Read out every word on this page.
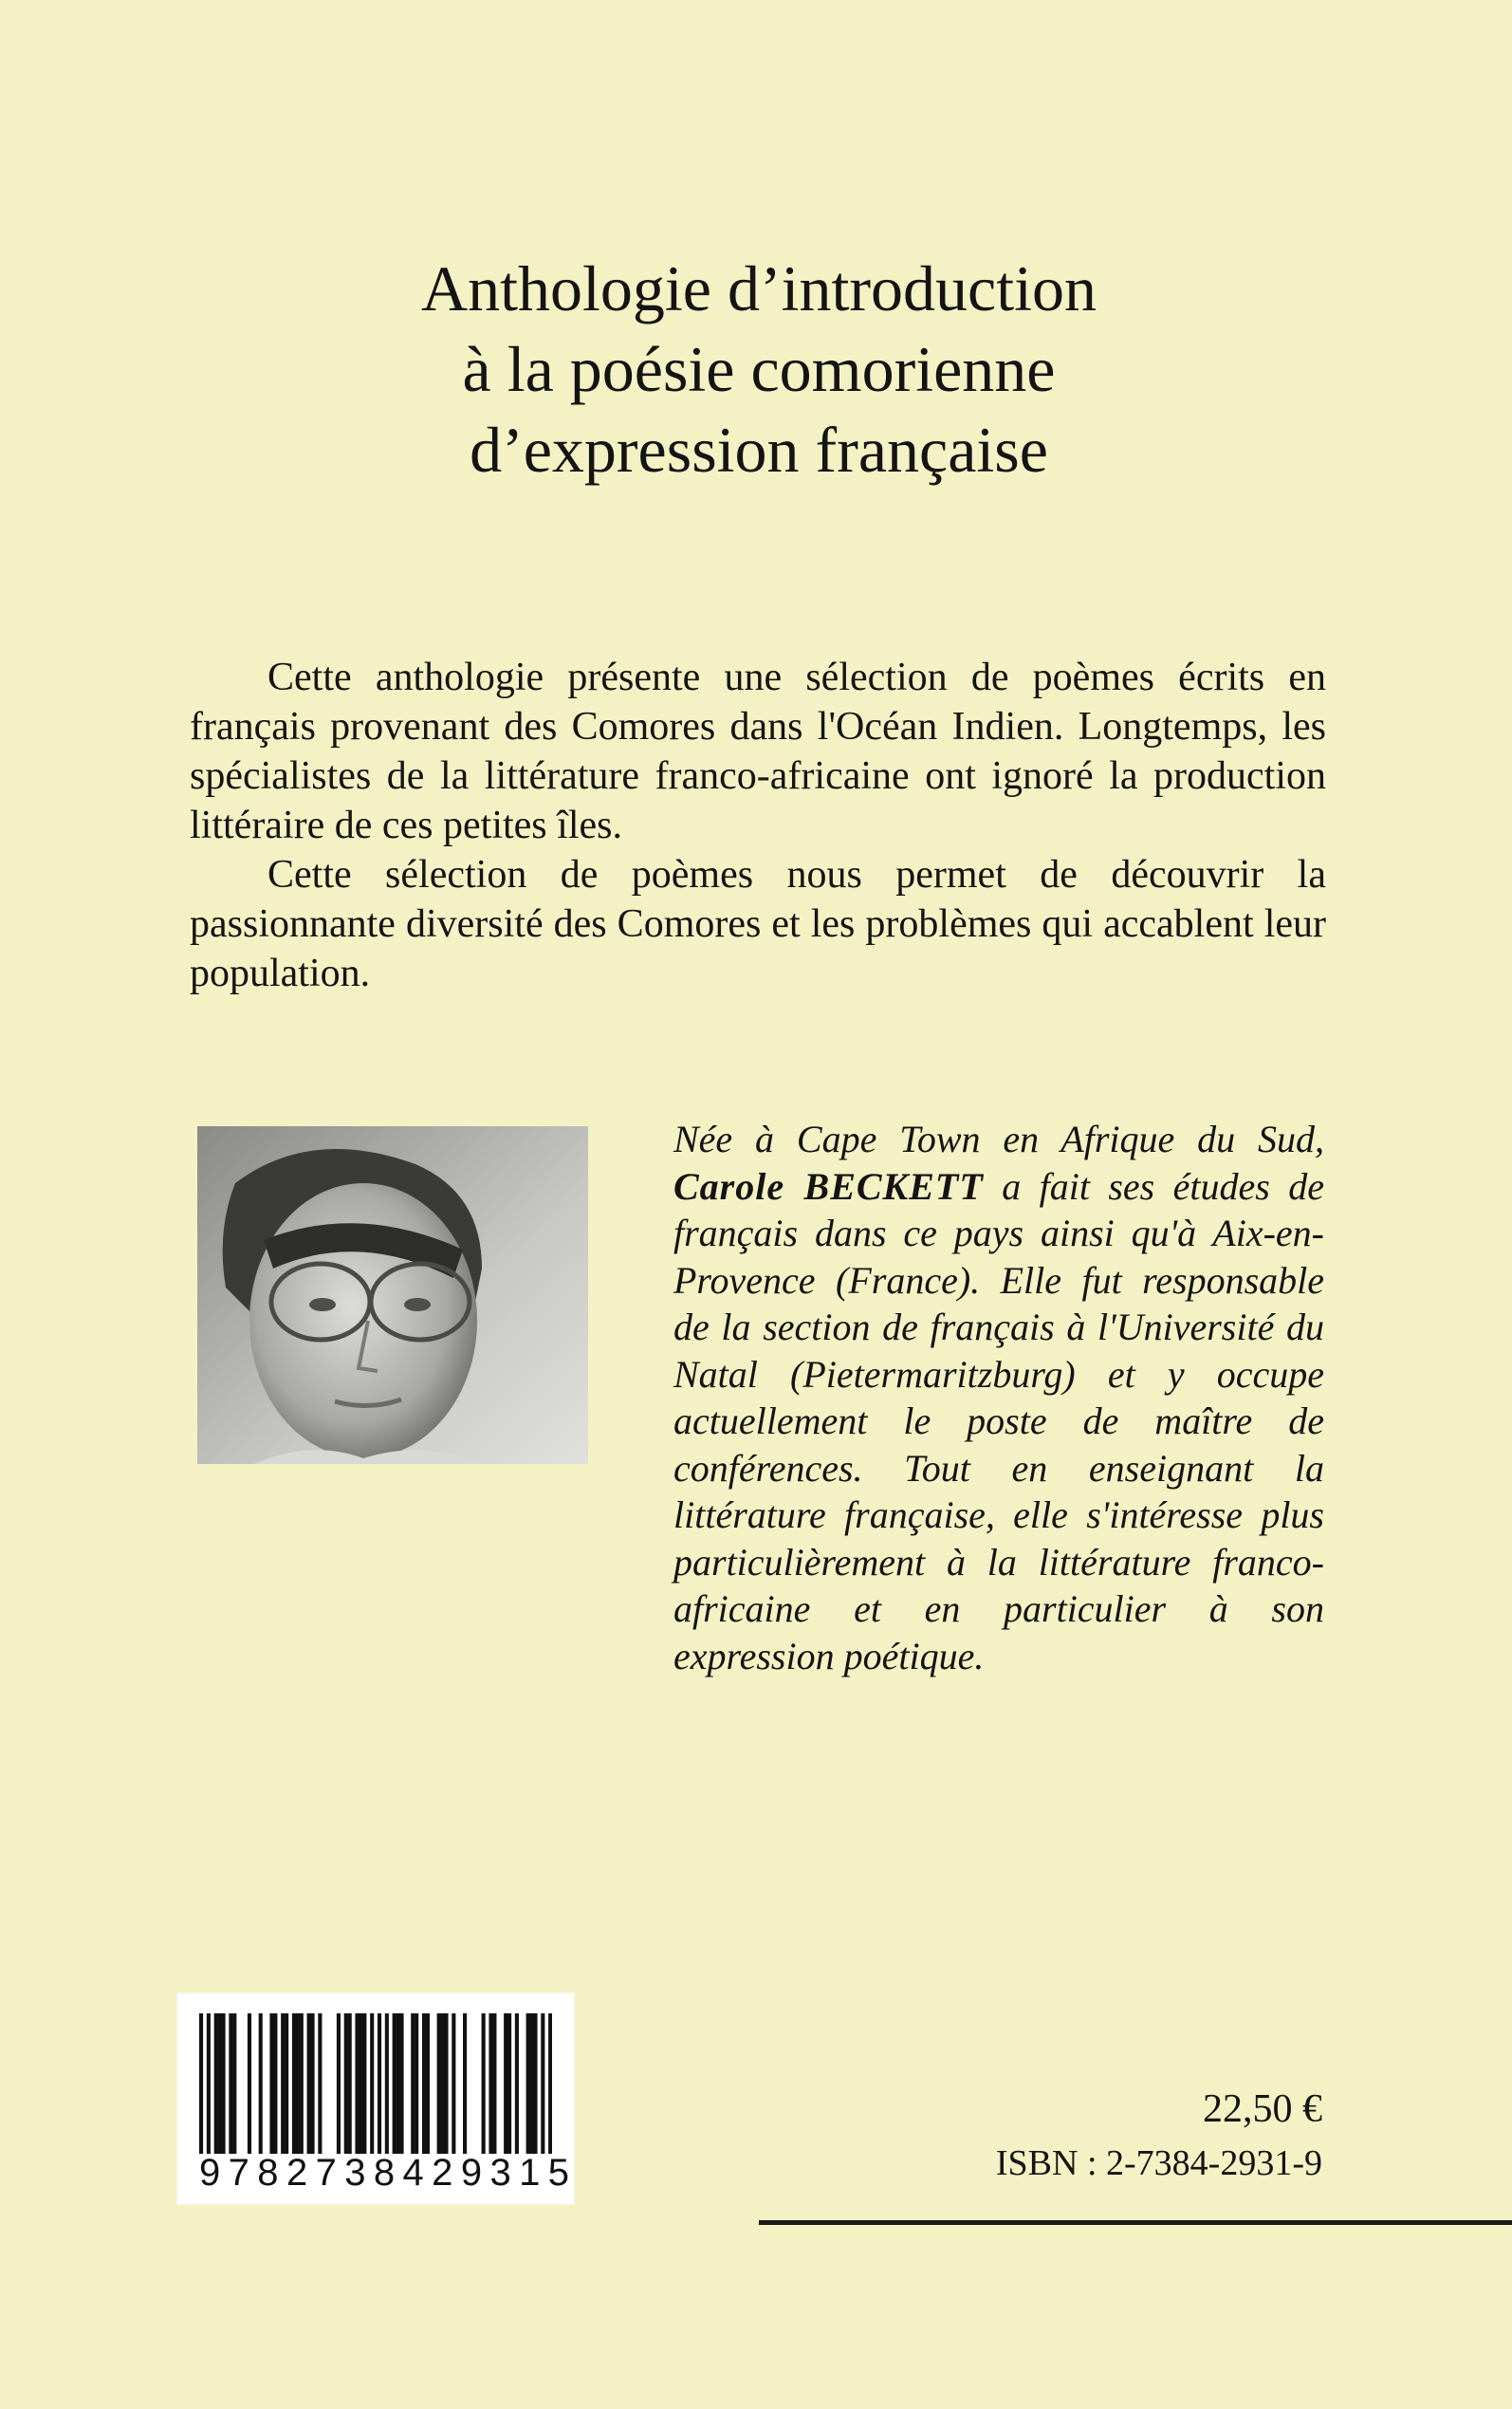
Anthologie d’introduction
à la poésie comorienne
d’expression française

Cette anthologie présente une sélection de poèmes écrits en français provenant des Comores dans l'Océan Indien. Longtemps, les spécialistes de la littérature franco-africaine ont ignoré la production littéraire de ces petites îles.

Cette sélection de poèmes nous permet de découvrir la passionnante diversité des Comores et les problèmes qui accablent leur population.

Née à Cape Town en Afrique du Sud, Carole BECKETT a fait ses études de français dans ce pays ainsi qu'à Aix-en-Provence (France). Elle fut responsable de la section de français à l'Université du Natal (Pietermaritzburg) et y occupe actuellement le poste de maître de conférences. Tout en enseignant la littérature française, elle s'intéresse plus particulièrement à la littérature franco-africaine et en particulier à son expression poétique.

9782738429315
22,50 €
ISBN : 2-7384-2931-9
